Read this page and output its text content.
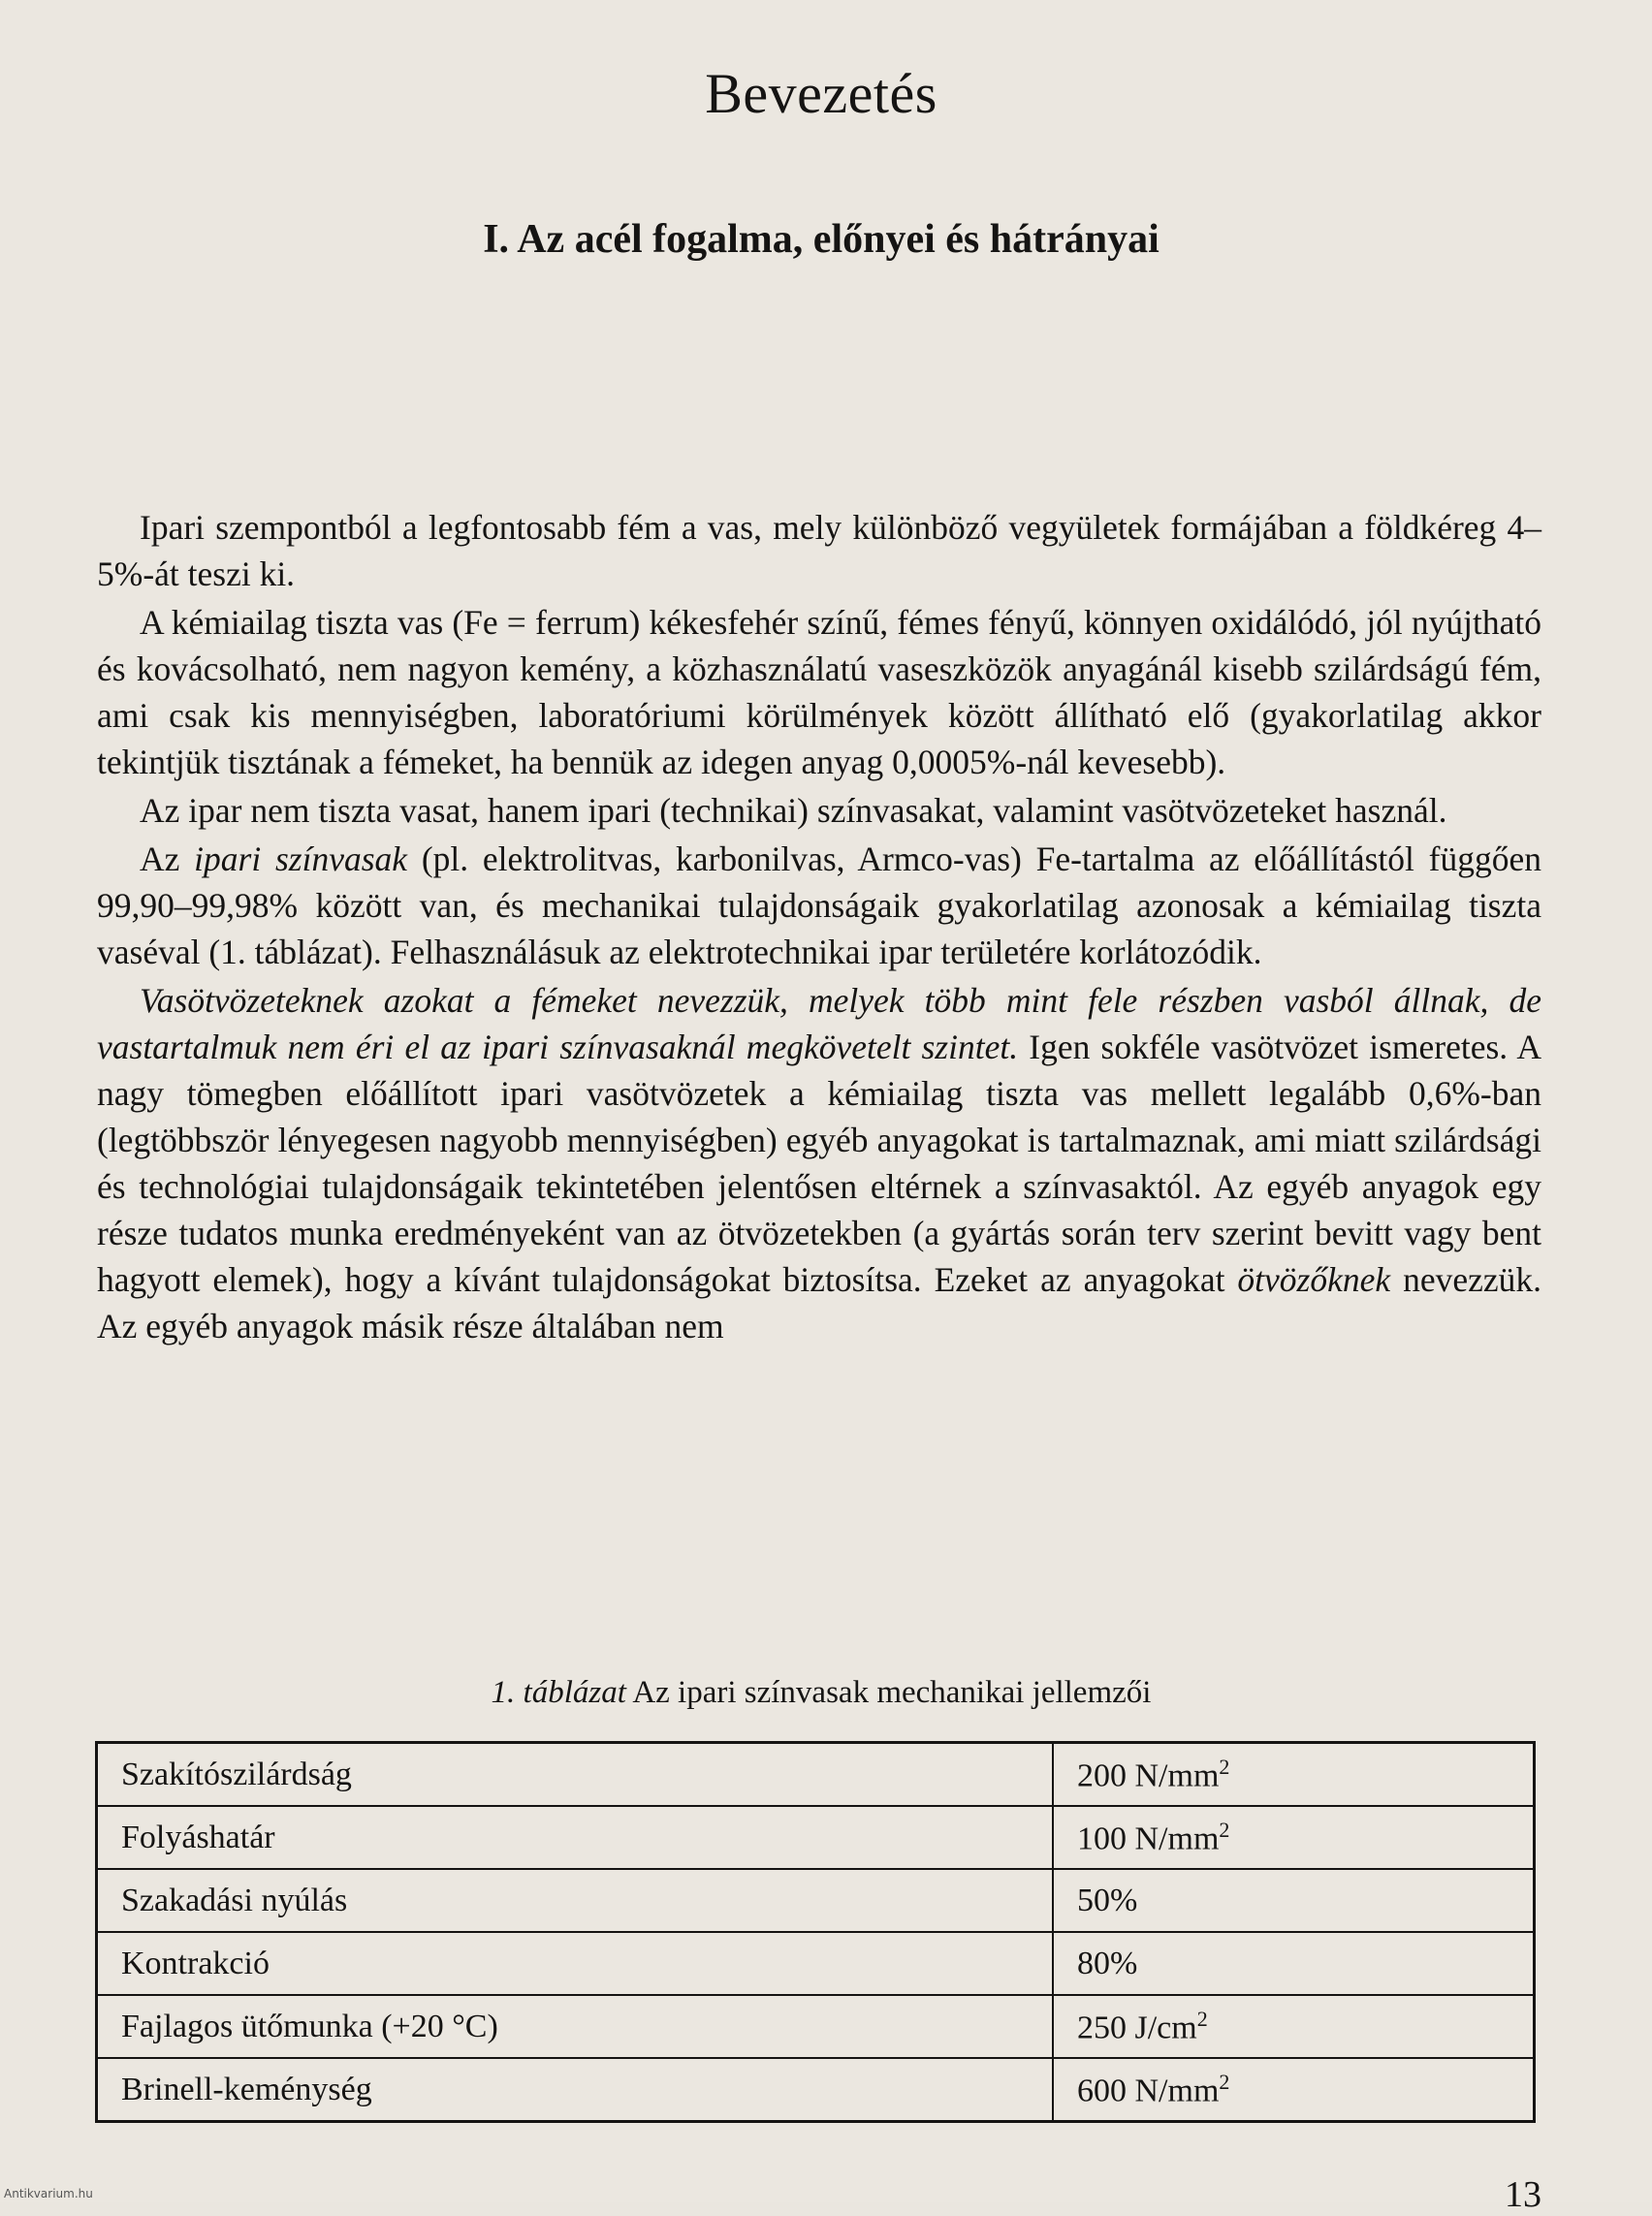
Bevezetés
I. Az acél fogalma, előnyei és hátrányai

Ipari szempontból a legfontosabb fém a vas, mely különböző vegyületek formájában a földkéreg 4–5%-át teszi ki.

A kémiailag tiszta vas (Fe = ferrum) kékesfehér színű, fémes fényű, könnyen oxidálódó, jól nyújtható és kovácsolható, nem nagyon kemény, a közhasználatú vaseszközök anyagánál kisebb szilárdságú fém, ami csak kis mennyiségben, laboratóriumi körülmények között állítható elő (gyakorlatilag akkor tekintjük tisztának a fémeket, ha bennük az idegen anyag 0,0005%-nál kevesebb).

Az ipar nem tiszta vasat, hanem ipari (technikai) színvasakat, valamint vasötvözeteket használ.

Az ipari színvasak (pl. elektrolitvas, karbonilvas, Armco-vas) Fe-tartalma az előállítástól függően 99,90–99,98% között van, és mechanikai tulajdonságaik gyakorlatilag azonosak a kémiailag tiszta vaséval (1. táblázat). Felhasználásuk az elektrotechnikai ipar területére korlátozódik.

Vasötvözeteknek azokat a fémeket nevezzük, melyek több mint fele részben vasból állnak, de vastartalmuk nem éri el az ipari színvasaknál megkövetelt szintet. Igen sokféle vasötvözet ismeretes. A nagy tömegben előállított ipari vasötvözetek a kémiailag tiszta vas mellett legalább 0,6%-ban (legtöbbször lényegesen nagyobb mennyiségben) egyéb anyagokat is tartalmaznak, ami miatt szilárdsági és technológiai tulajdonságaik tekintetében jelentősen eltérnek a színvasaktól. Az egyéb anyagok egy része tudatos munka eredményeként van az ötvözetekben (a gyártás során terv szerint bevitt vagy bent hagyott elemek), hogy a kívánt tulajdonságokat biztosítsa. Ezeket az anyagokat ötvözőknek nevezzük. Az egyéb anyagok másik része általában nem

1. táblázat Az ipari színvasak mechanikai jellemzői
Szakítószilárdság	200 $N/mm^2$
Folyáshatár	100 $N/mm^2$
Szakadási nyúlás	50%
Kontrakció	80%
Fajlagos ütőmunka (+20 °C)	250 $J/cm^2$
Brinell-keménység	600 $N/mm^2$
13
Antikvarium.hu
